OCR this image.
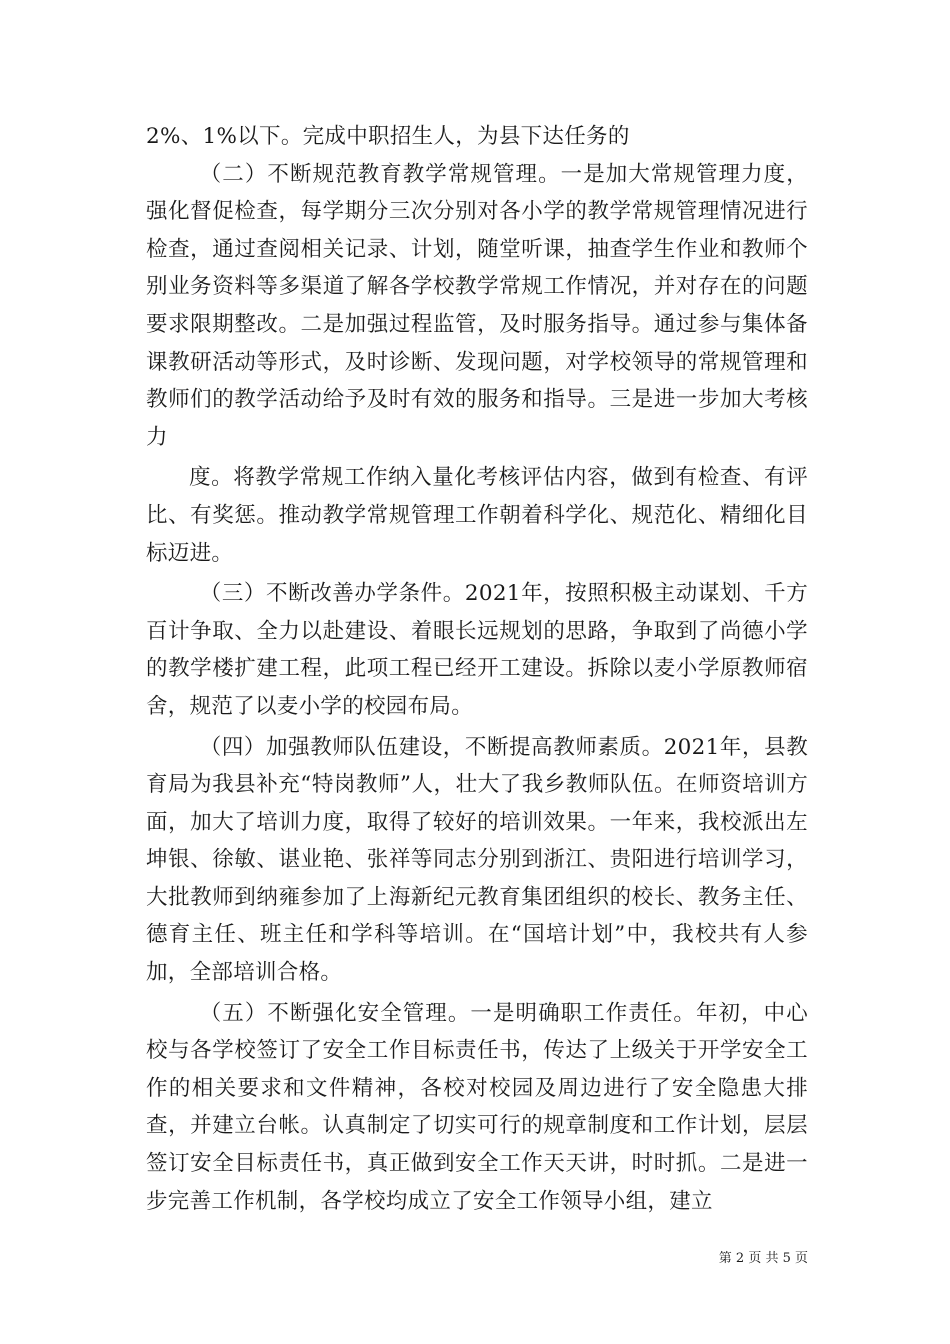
2%、1%以下。完成中职招生人，为县下达任务的

（二）不断规范教育教学常规管理。一是加大常规管理力度，强化督促检查，每学期分三次分别对各小学的教学常规管理情况进行检查，通过查阅相关记录、计划，随堂听课，抽查学生作业和教师个别业务资料等多渠道了解各学校教学常规工作情况，并对存在的问题要求限期整改。二是加强过程监管，及时服务指导。通过参与集体备课教研活动等形式，及时诊断、发现问题，对学校领导的常规管理和教师们的教学活动给予及时有效的服务和指导。三是进一步加大考核力

度。将教学常规工作纳入量化考核评估内容，做到有检查、有评比、有奖惩。推动教学常规管理工作朝着科学化、规范化、精细化目标迈进。

（三）不断改善办学条件。2021年，按照积极主动谋划、千方百计争取、全力以赴建设、着眼长远规划的思路，争取到了尚德小学的教学楼扩建工程，此项工程已经开工建设。拆除以麦小学原教师宿舍，规范了以麦小学的校园布局。

（四）加强教师队伍建设，不断提高教师素质。2021年，县教育局为我县补充“特岗教师”人，壮大了我乡教师队伍。在师资培训方面，加大了培训力度，取得了较好的培训效果。一年来，我校派出左坤银、徐敏、谌业艳、张祥等同志分别到浙江、贵阳进行培训学习，大批教师到纳雍参加了上海新纪元教育集团组织的校长、教务主任、德育主任、班主任和学科等培训。在“国培计划”中，我校共有人参加，全部培训合格。

（五）不断强化安全管理。一是明确职工作责任。年初，中心校与各学校签订了安全工作目标责任书，传达了上级关于开学安全工作的相关要求和文件精神，各校对校园及周边进行了安全隐患大排查，并建立台帐。认真制定了切实可行的规章制度和工作计划，层层签订安全目标责任书，真正做到安全工作天天讲，时时抓。二是进一步完善工作机制，各学校均成立了安全工作领导小组，建立

第 2 页 共 5 页
